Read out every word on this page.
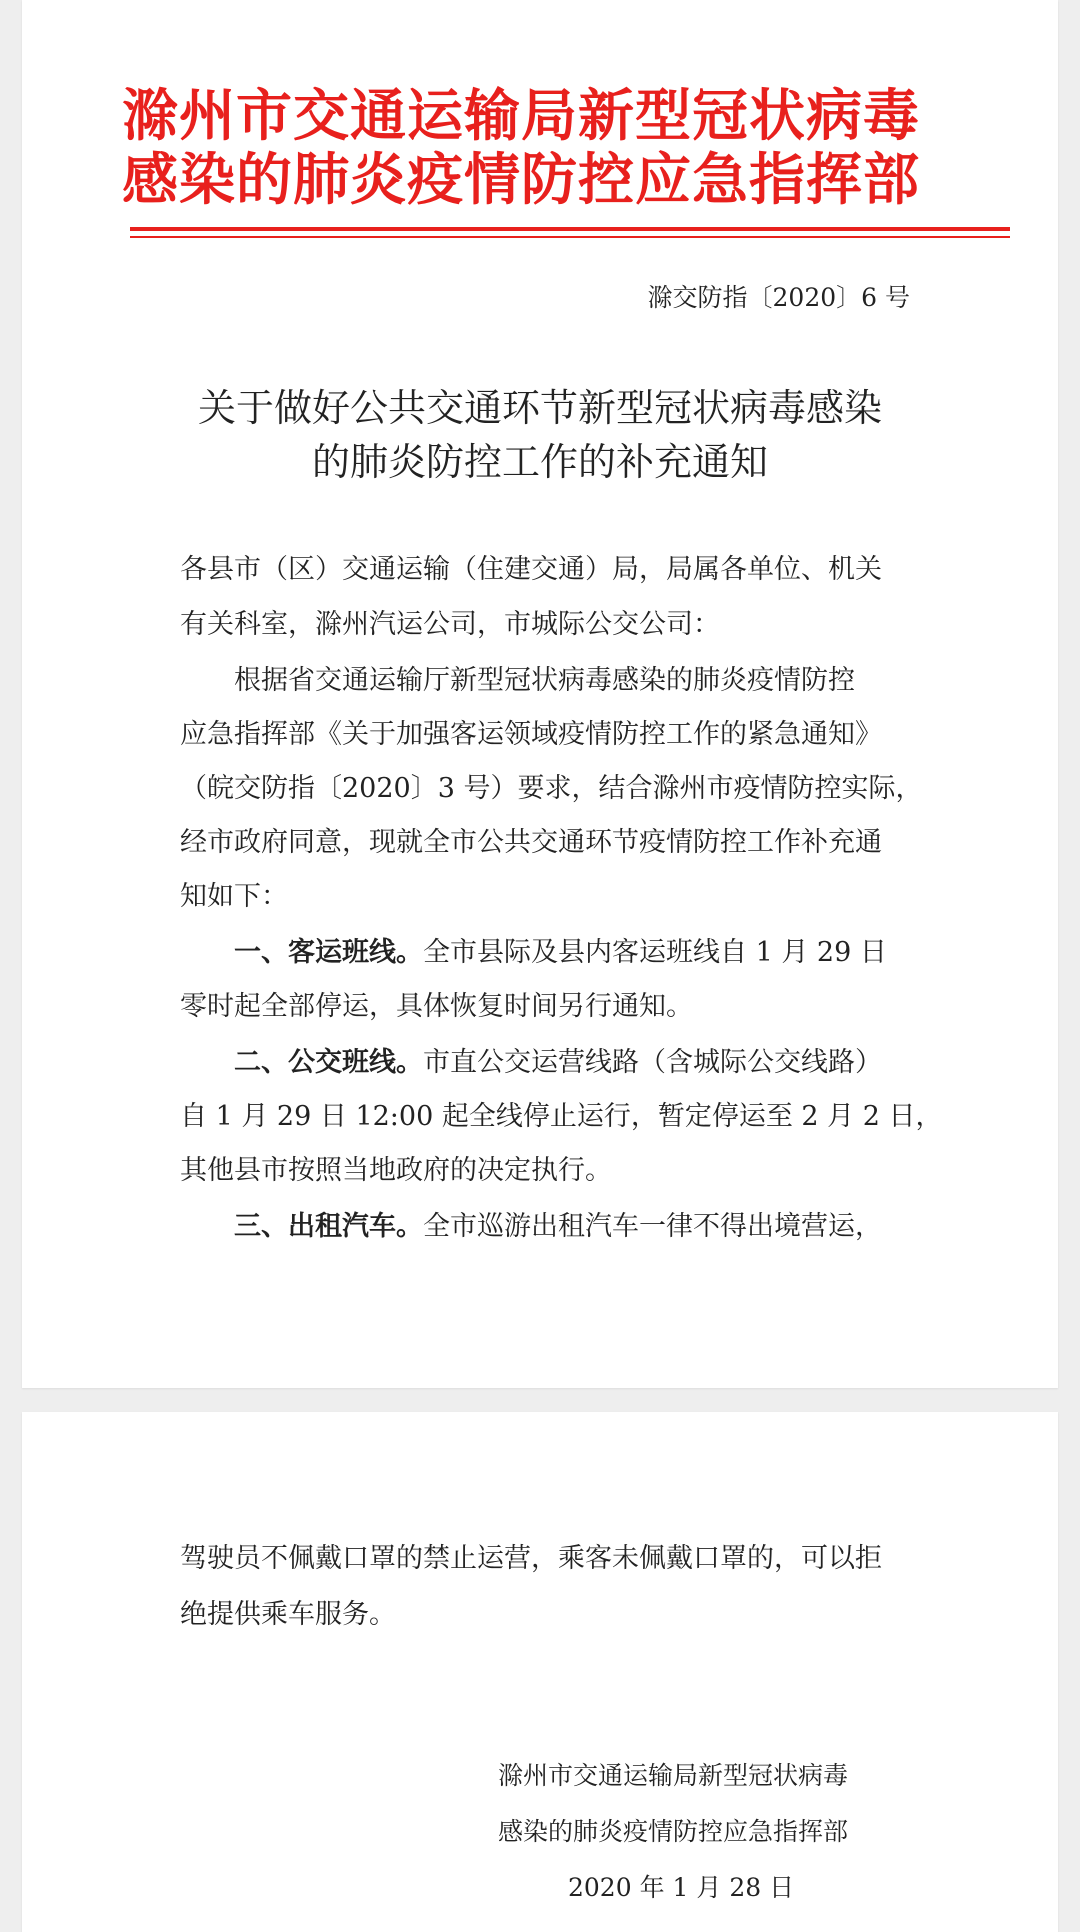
滁州市交通运输局新型冠状病毒
感染的肺炎疫情防控应急指挥部
滁交防指〔2020〕6 号
关于做好公共交通环节新型冠状病毒感染
的肺炎防控工作的补充通知
各县市（区）交通运输（住建交通）局，局属各单位、机关
有关科室，滁州汽运公司，市城际公交公司：
根据省交通运输厅新型冠状病毒感染的肺炎疫情防控
应急指挥部《关于加强客运领域疫情防控工作的紧急通知》
（皖交防指〔2020〕3 号）要求，结合滁州市疫情防控实际，
经市政府同意，现就全市公共交通环节疫情防控工作补充通
知如下：
一、客运班线。全市县际及县内客运班线自 1 月 29 日
零时起全部停运，具体恢复时间另行通知。
二、公交班线。市直公交运营线路（含城际公交线路）
自 1 月 29 日 12:00 起全线停止运行，暂定停运至 2 月 2 日，
其他县市按照当地政府的决定执行。
三、出租汽车。全市巡游出租汽车一律不得出境营运，
驾驶员不佩戴口罩的禁止运营，乘客未佩戴口罩的，可以拒
绝提供乘车服务。
滁州市交通运输局新型冠状病毒
感染的肺炎疫情防控应急指挥部
2020 年 1 月 28 日
